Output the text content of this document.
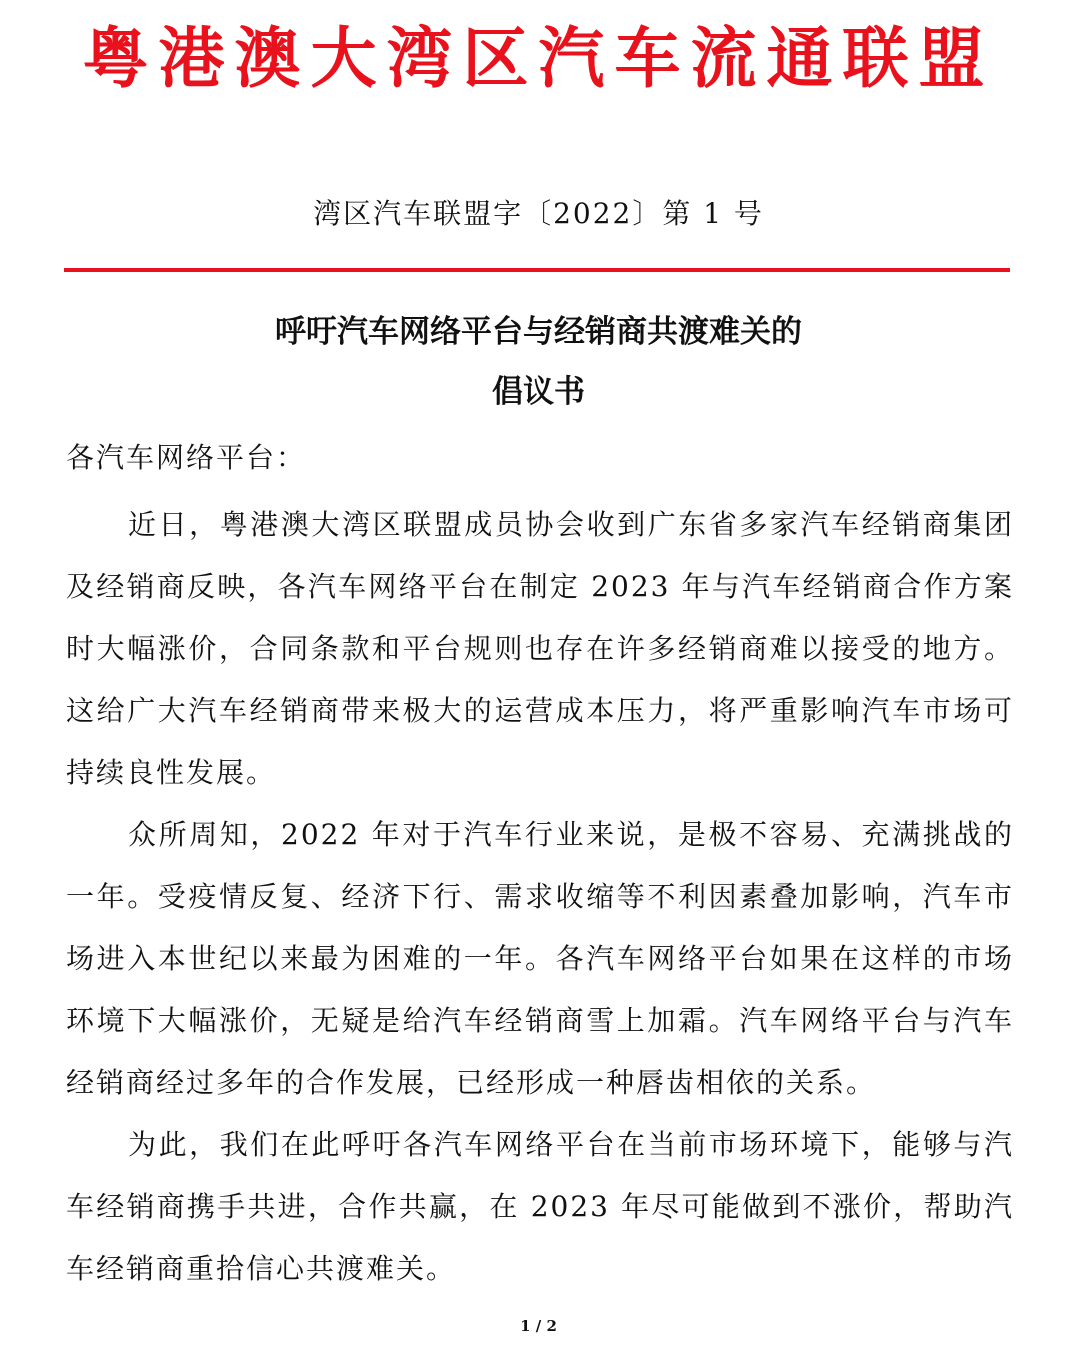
粤港澳大湾区汽车流通联盟
湾区汽车联盟字〔2022〕第 1 号
呼吁汽车网络平台与经销商共渡难关的
倡议书
各汽车网络平台：

近日，粤港澳大湾区联盟成员协会收到广东省多家汽车经销商集团及经销商反映，各汽车网络平台在制定 2023 年与汽车经销商合作方案时大幅涨价，合同条款和平台规则也存在许多经销商难以接受的地方。这给广大汽车经销商带来极大的运营成本压力，将严重影响汽车市场可持续良性发展。

众所周知，2022 年对于汽车行业来说，是极不容易、充满挑战的一年。受疫情反复、经济下行、需求收缩等不利因素叠加影响，汽车市场进入本世纪以来最为困难的一年。各汽车网络平台如果在这样的市场环境下大幅涨价，无疑是给汽车经销商雪上加霜。汽车网络平台与汽车经销商经过多年的合作发展，已经形成一种唇齿相依的关系。

为此，我们在此呼吁各汽车网络平台在当前市场环境下，能够与汽车经销商携手共进，合作共赢，在 2023 年尽可能做到不涨价，帮助汽车经销商重拾信心共渡难关。

1 / 2
